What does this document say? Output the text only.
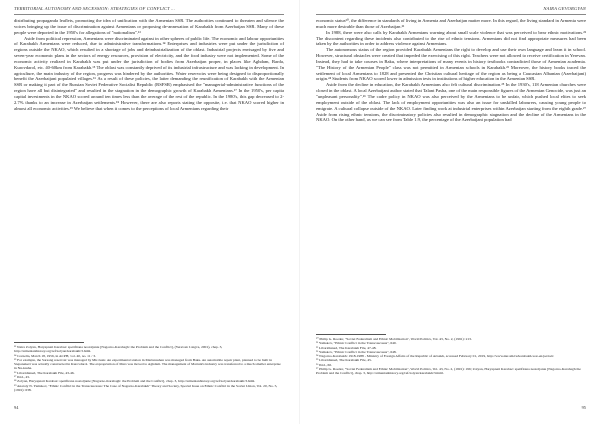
TERRITORIAL AUTONOMY AND SECESSION: STRATEGIES OF CONFLICT ...

distributing propaganda leaflets, promoting the idea of unification with the Armenian SSR. The authorities continued to threaten and silence the voices bringing up the issue of discrimination against Armenians or proposing de-annexation of Karabakh from Azerbaijan SSR. Many of these people were deported in the 1950's for allegations of "nationalism".¹³

Aside from political repression, Armenians were discriminated against in other spheres of public life. The economic and labour opportunities of Karabakh Armenians were reduced, due to administrative transformations.¹⁴ Enterprises and industries were put under the jurisdiction of regions outside the NKAO, which resulted in a shortage of jobs and deindustrialization of the oblast. Industrial projects envisaged by five and seven-year economic plans in the sectors of energy resources, provision of electricity, and the food industry were not implemented. Some of the economic activity realized in Karabakh was put under the jurisdiction of bodies from Azerbaijan proper, in places like Aghdam, Barda, Kurovdarol, etc. 40-60km from Karabakh.¹⁵ The oblast was constantly deprived of its industrial infrastructure and was lacking in development. In agriculture, the main industry of the region, progress was hindered by the authorities. Water reservoirs were being designed to disproportionally benefit the Azerbaijani populated villages.¹⁶ As a result of these policies, the latter demanding the reunification of Karabakh with the Armenian SSR or making it part of the Russian Soviet Federative Socialist Republic (RSFSR) emphasised the "managerial-administrative functions of the region have all but disintegrated" and resulted in the stagnation in the demographic growth of Karabakh Armenians.¹⁷ In the 1950's, per capita capital investments in the NKAO scored around ten times less than the average of the rest of the republic. In the 1980's, this gap decreased to 2-2.7% thanks to an increase in Azerbaijan settlements.¹⁸ However, there are also reports stating the opposite, i.e. that NKAO scored higher in almost all economic activities.¹⁹ We believe that when it comes to the perceptions of local Armenians regarding their

¹³ Naira Zolyan, Haryapnati Karabaz: spetifirana nostoljanie [Nagorno-Karabagh: the Problem and the Conflict], (Yerevan: Lingva, 2001), chap. 3,
http://armenianhistory.org/ref/zolyan/karabakh/3.html.
¹⁴ Cornelia, March 18, 1956, in ACPH, vol. 40, no. 11 / 3.
¹⁵ For example, the Sarsang reservoir was managed by Mir-basir. An experimental station in Martunashen was managed from Baku. An automobile repair plant, planned to be built in Stepanakert was actually constructed in Kurovdarol. The expropriation of Mars was moved to Aghdam. The management of Martuni's industry was transferred to a much smaller enterprise in Nu-kasha.
¹⁶ Libaridianed, The Karabakh File, 43-46.
¹⁷ Ibid., 45.
¹⁸ Zolyan, Haryapnati Karabaz: spetifirana nostoljanie [Nagorno-Karabagh: the Problem and the Conflict], chap. 3, http://armenianhistory.org/ref/zolyan/karabakh/3.html.
¹⁹ Anatoly N. Yamskov, "Ethnic Conflict in the Transcaucasus: The Case of Nagorno-Karabakh" Theory and Society, Special Issue on Ethnic Conflict in the Soviet Union, Vol. 20, No. 5, (1991): 638.
94
NAIRA GEVORGYAN

economic status²⁰, the difference in standards of living in Armenia and Azerbaijan matter more. In this regard, the living standard in Armenia were much more desirable than those of Azerbaijan.²¹

In 1988, there were also calls by Karabakh Armenians warning about small scale violence that was perceived to bear ethnic motivations.²² The discontent regarding these incidents also contributed to the rise of ethnic tensions. Armenians did not find appropriate measures had been taken by the authorities in order to address violence against Armenians.

The autonomous status of the region provided Karabakh Armenians the right to develop and use their own language and learn it in school. However, structural obstacles were created that impeded the exercising of this right. Teachers were not allowed to receive certification in Yerevan. Instead, they had to take courses in Baku, where interpretations of many events in history textbooks contradicted those of Armenian academia. "The History of the Armenian People" class was not permitted in Armenian schools in Karabakh.²³ Moreover, the history books traced the settlement of local Armenians to 1828 and presented the Christian cultural heritage of the region as being a Caucasian Albanian (Azerbaijani) origin.²⁴ Students from NKAO scored lower in admission tests in institutions of higher education in the Armenian SSR.

Aside from the decline in education, the Karabakh Armenians also felt cultural discrimination.²⁵ In the 1930's, 118 Armenian churches were closed in the oblast. A local Azerbaijani author stated that Talant Pasha, one of the main responsible figures of the Armenian Genocide, was just an "unpleasant personality".²⁶ The cadre policy in NKAO was also perceived by the Armenians to be unfair, which pushed local elites to seek employment outside of the oblast. The lack of employment opportunities was also an issue for unskilled labourers, causing young people to emigrate. A cultural collapse outside of the NKAO. Later finding work at industrial enterprises within Azerbaijan starting from the eighth grade.²⁷ Aside from rising ethnic tensions, the discriminatory policies also resulted in demographic stagnation and the decline of the Armenians in the NKAO. On the other hand, as we can see from Table 1.9, the percentage of the Azerbaijani population had

²⁰ Philip G. Roeder, "Soviet Federalism and Ethnic Mobilization", World Politics, Vol. 43, No. 2, (1991): 213.
²¹ Yamskov, "Ethnic Conflict in the Transcaucasus", 640.
²² Libaridianed, The Karabakh File, 47-48.
²³ Yamskov, "Ethnic Conflict in the Transcaucasus", 648.
²⁴ Nagorno-Karabakh: 1918-1988 - Ministry of Foreign Affairs of the Republic of Artsakh, accessed February 01, 2019, http://www.nkr.am/ru/karabakh-war-en/period/.
²⁵ Libaridianed, The Karabakh File, 45.
²⁶ Ibid., 60.
²⁷ Philip G. Roeder, "Soviet Federalism and Ethnic Mobilization", World Politics, Vol. 43, No. 2, (1991): 196; Zolyan, Haryapnati Karabaz: spetifirana nostoljanie [Nagorno-Karabagh the Problem and the Conflict], chap. 3, http://armenianhistory.org/ref/zolyan/karabakh/3.html.
95
